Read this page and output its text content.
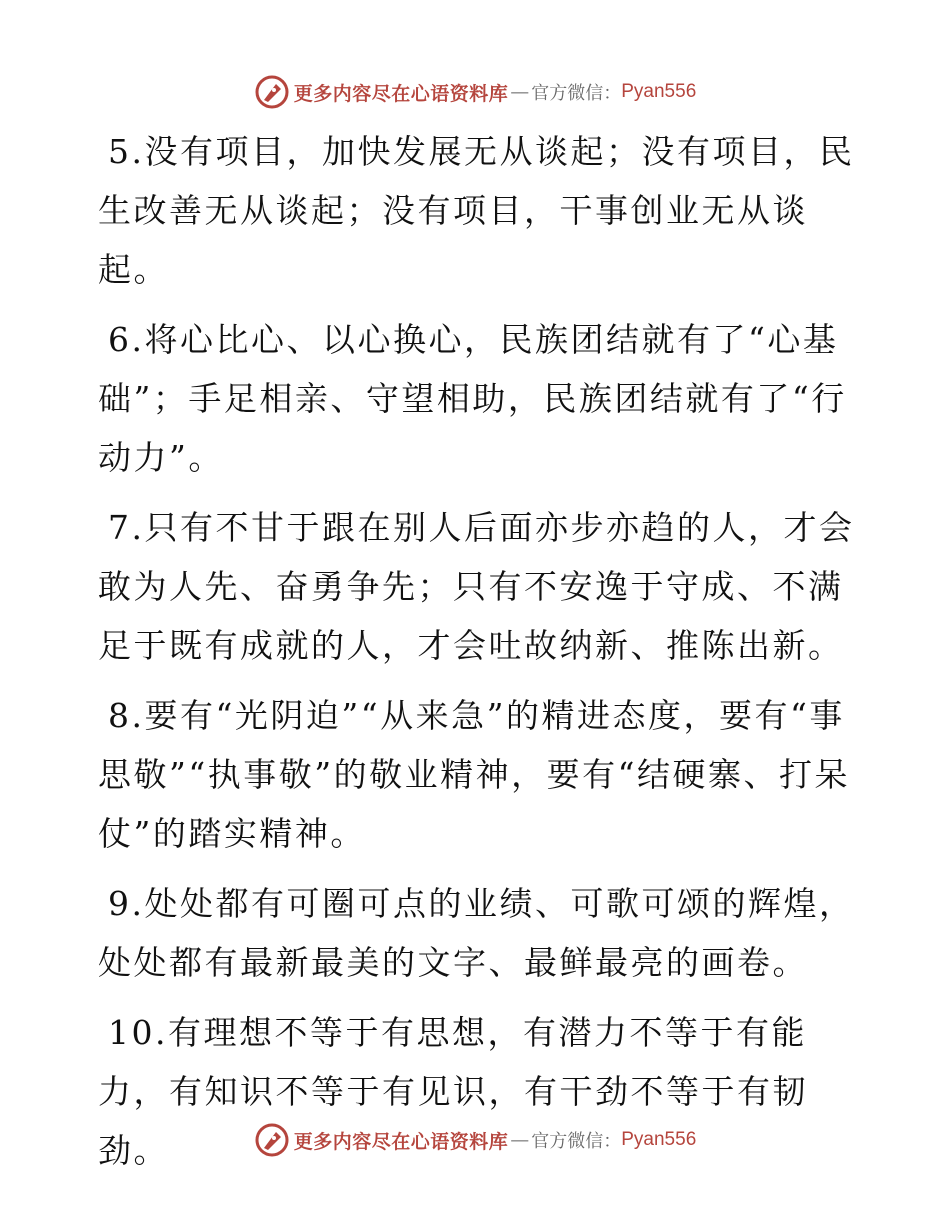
更多内容尽在心语资料库 — 官方微信： Pyan556
5.没有项目，加快发展无从谈起；没有项目，民生改善无从谈起；没有项目，干事创业无从谈起。
6.将心比心、以心换心，民族团结就有了“心基础”；手足相亲、守望相助，民族团结就有了“行动力”。
7.只有不甘于跟在别人后面亦步亦趋的人，才会敢为人先、奋勇争先；只有不安逸于守成、不满足于既有成就的人，才会吐故纳新、推陈出新。
8.要有“光阴迫”“从来急”的精进态度，要有“事思敬”“执事敬”的敬业精神，要有“结硬寨、打呆仗”的踏实精神。
9.处处都有可圈可点的业绩、可歌可颂的辉煌，处处都有最新最美的文字、最鲜最亮的画卷。
10.有理想不等于有思想，有潜力不等于有能力，有知识不等于有见识，有干劲不等于有韧劲。	更多内容尽在心语资料库 — 官方微信： Pyan556
